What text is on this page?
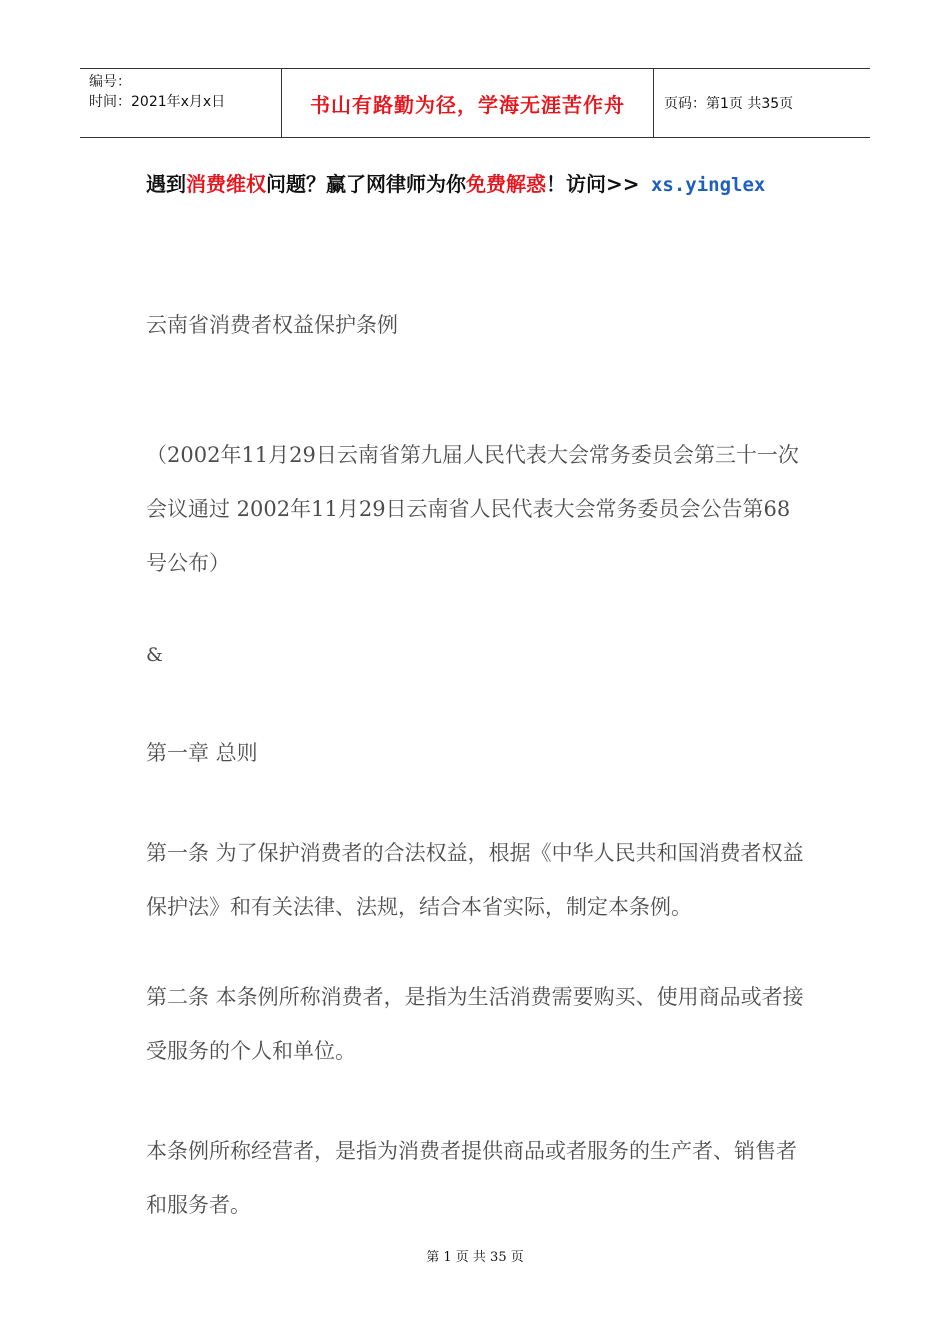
编号：
时间：2021年x月x日	书山有路勤为径，学海无涯苦作舟	页码：第1页 共35页
遇到消费维权问题？赢了网律师为你免费解惑！访问>> xs.yinglex
云南省消费者权益保护条例
（2002年11月29日云南省第九届人民代表大会常务委员会第三十一次会议通过 2002年11月29日云南省人民代表大会常务委员会公告第68号公布）
&
第一章 总则
第一条 为了保护消费者的合法权益，根据《中华人民共和国消费者权益保护法》和有关法律、法规，结合本省实际，制定本条例。
第二条 本条例所称消费者，是指为生活消费需要购买、使用商品或者接受服务的个人和单位。
本条例所称经营者，是指为消费者提供商品或者服务的生产者、销售者和服务者。
第 1 页 共 35 页
